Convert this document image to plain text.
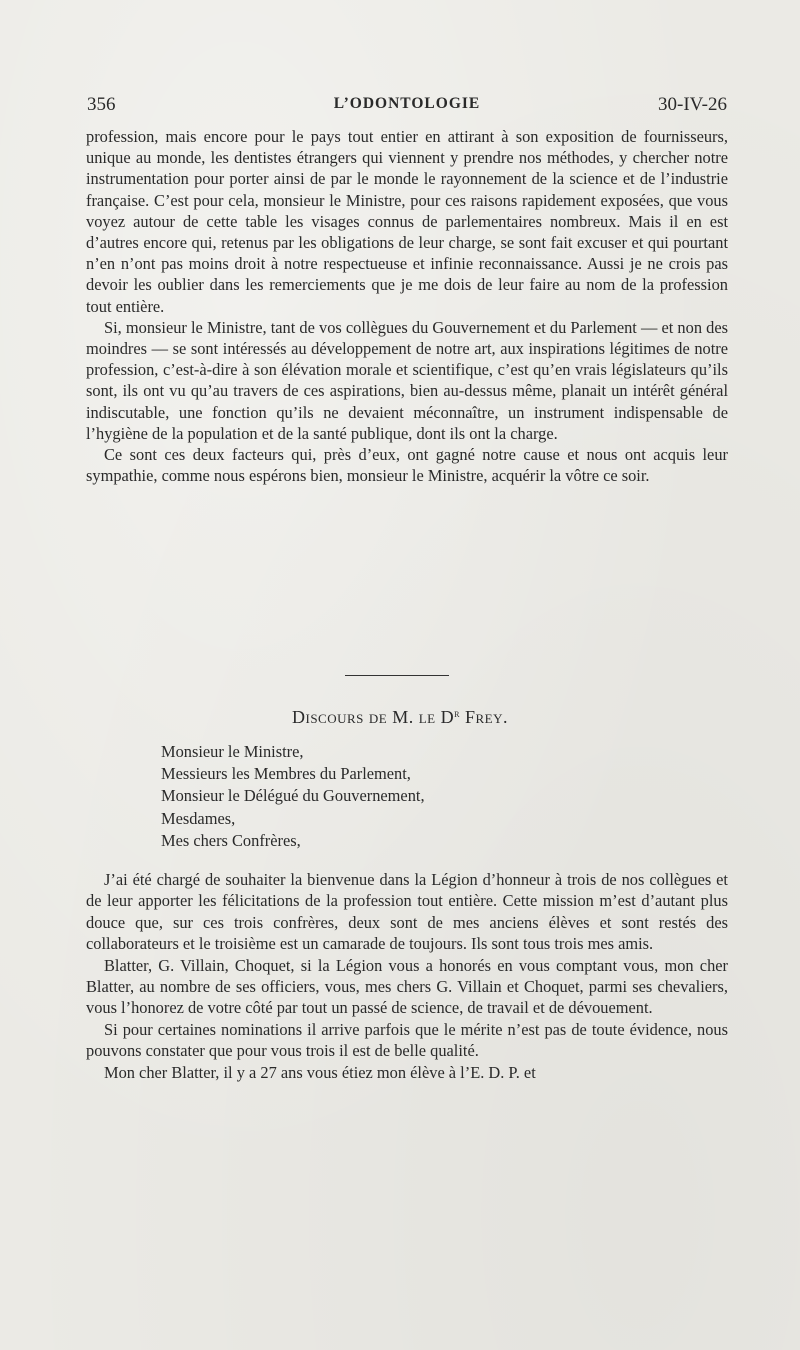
356	L’ODONTOLOGIE	30-IV-26

profession, mais encore pour le pays tout entier en attirant à son exposition de fournisseurs, unique au monde, les dentistes étrangers qui viennent y prendre nos méthodes, y chercher notre instrumentation pour porter ainsi de par le monde le rayonnement de la science et de l’industrie française. C’est pour cela, monsieur le Ministre, pour ces raisons rapidement exposées, que vous voyez autour de cette table les visages connus de parlementaires nombreux. Mais il en est d’autres encore qui, retenus par les obligations de leur charge, se sont fait excuser et qui pourtant n’en n’ont pas moins droit à notre respectueuse et infinie reconnaissance. Aussi je ne crois pas devoir les oublier dans les remerciements que je me dois de leur faire au nom de la profession tout entière.

Si, monsieur le Ministre, tant de vos collègues du Gouvernement et du Parlement — et non des moindres — se sont intéressés au développement de notre art, aux inspirations légitimes de notre profession, c’est-à-dire à son élévation morale et scientifique, c’est qu’en vrais législateurs qu’ils sont, ils ont vu qu’au travers de ces aspirations, bien au-dessus même, planait un intérêt général indiscutable, une fonction qu’ils ne devaient méconnaître, un instrument indispensable de l’hygiène de la population et de la santé publique, dont ils ont la charge.

Ce sont ces deux facteurs qui, près d’eux, ont gagné notre cause et nous ont acquis leur sympathie, comme nous espérons bien, monsieur le Ministre, acquérir la vôtre ce soir.

Discours de M. le $D^r$ Frey.
Monsieur le Ministre,
Messieurs les Membres du Parlement,
Monsieur le Délégué du Gouvernement,
Mesdames,
Mes chers Confrères,

J’ai été chargé de souhaiter la bienvenue dans la Légion d’honneur à trois de nos collègues et de leur apporter les félicitations de la profession tout entière. Cette mission m’est d’autant plus douce que, sur ces trois confrères, deux sont de mes anciens élèves et sont restés des collaborateurs et le troisième est un camarade de toujours. Ils sont tous trois mes amis.

Blatter, G. Villain, Choquet, si la Légion vous a honorés en vous comptant vous, mon cher Blatter, au nombre de ses officiers, vous, mes chers G. Villain et Choquet, parmi ses chevaliers, vous l’honorez de votre côté par tout un passé de science, de travail et de dévouement.

Si pour certaines nominations il arrive parfois que le mérite n’est pas de toute évidence, nous pouvons constater que pour vous trois il est de belle qualité.

Mon cher Blatter, il y a 27 ans vous étiez mon élève à l’E. D. P. et
